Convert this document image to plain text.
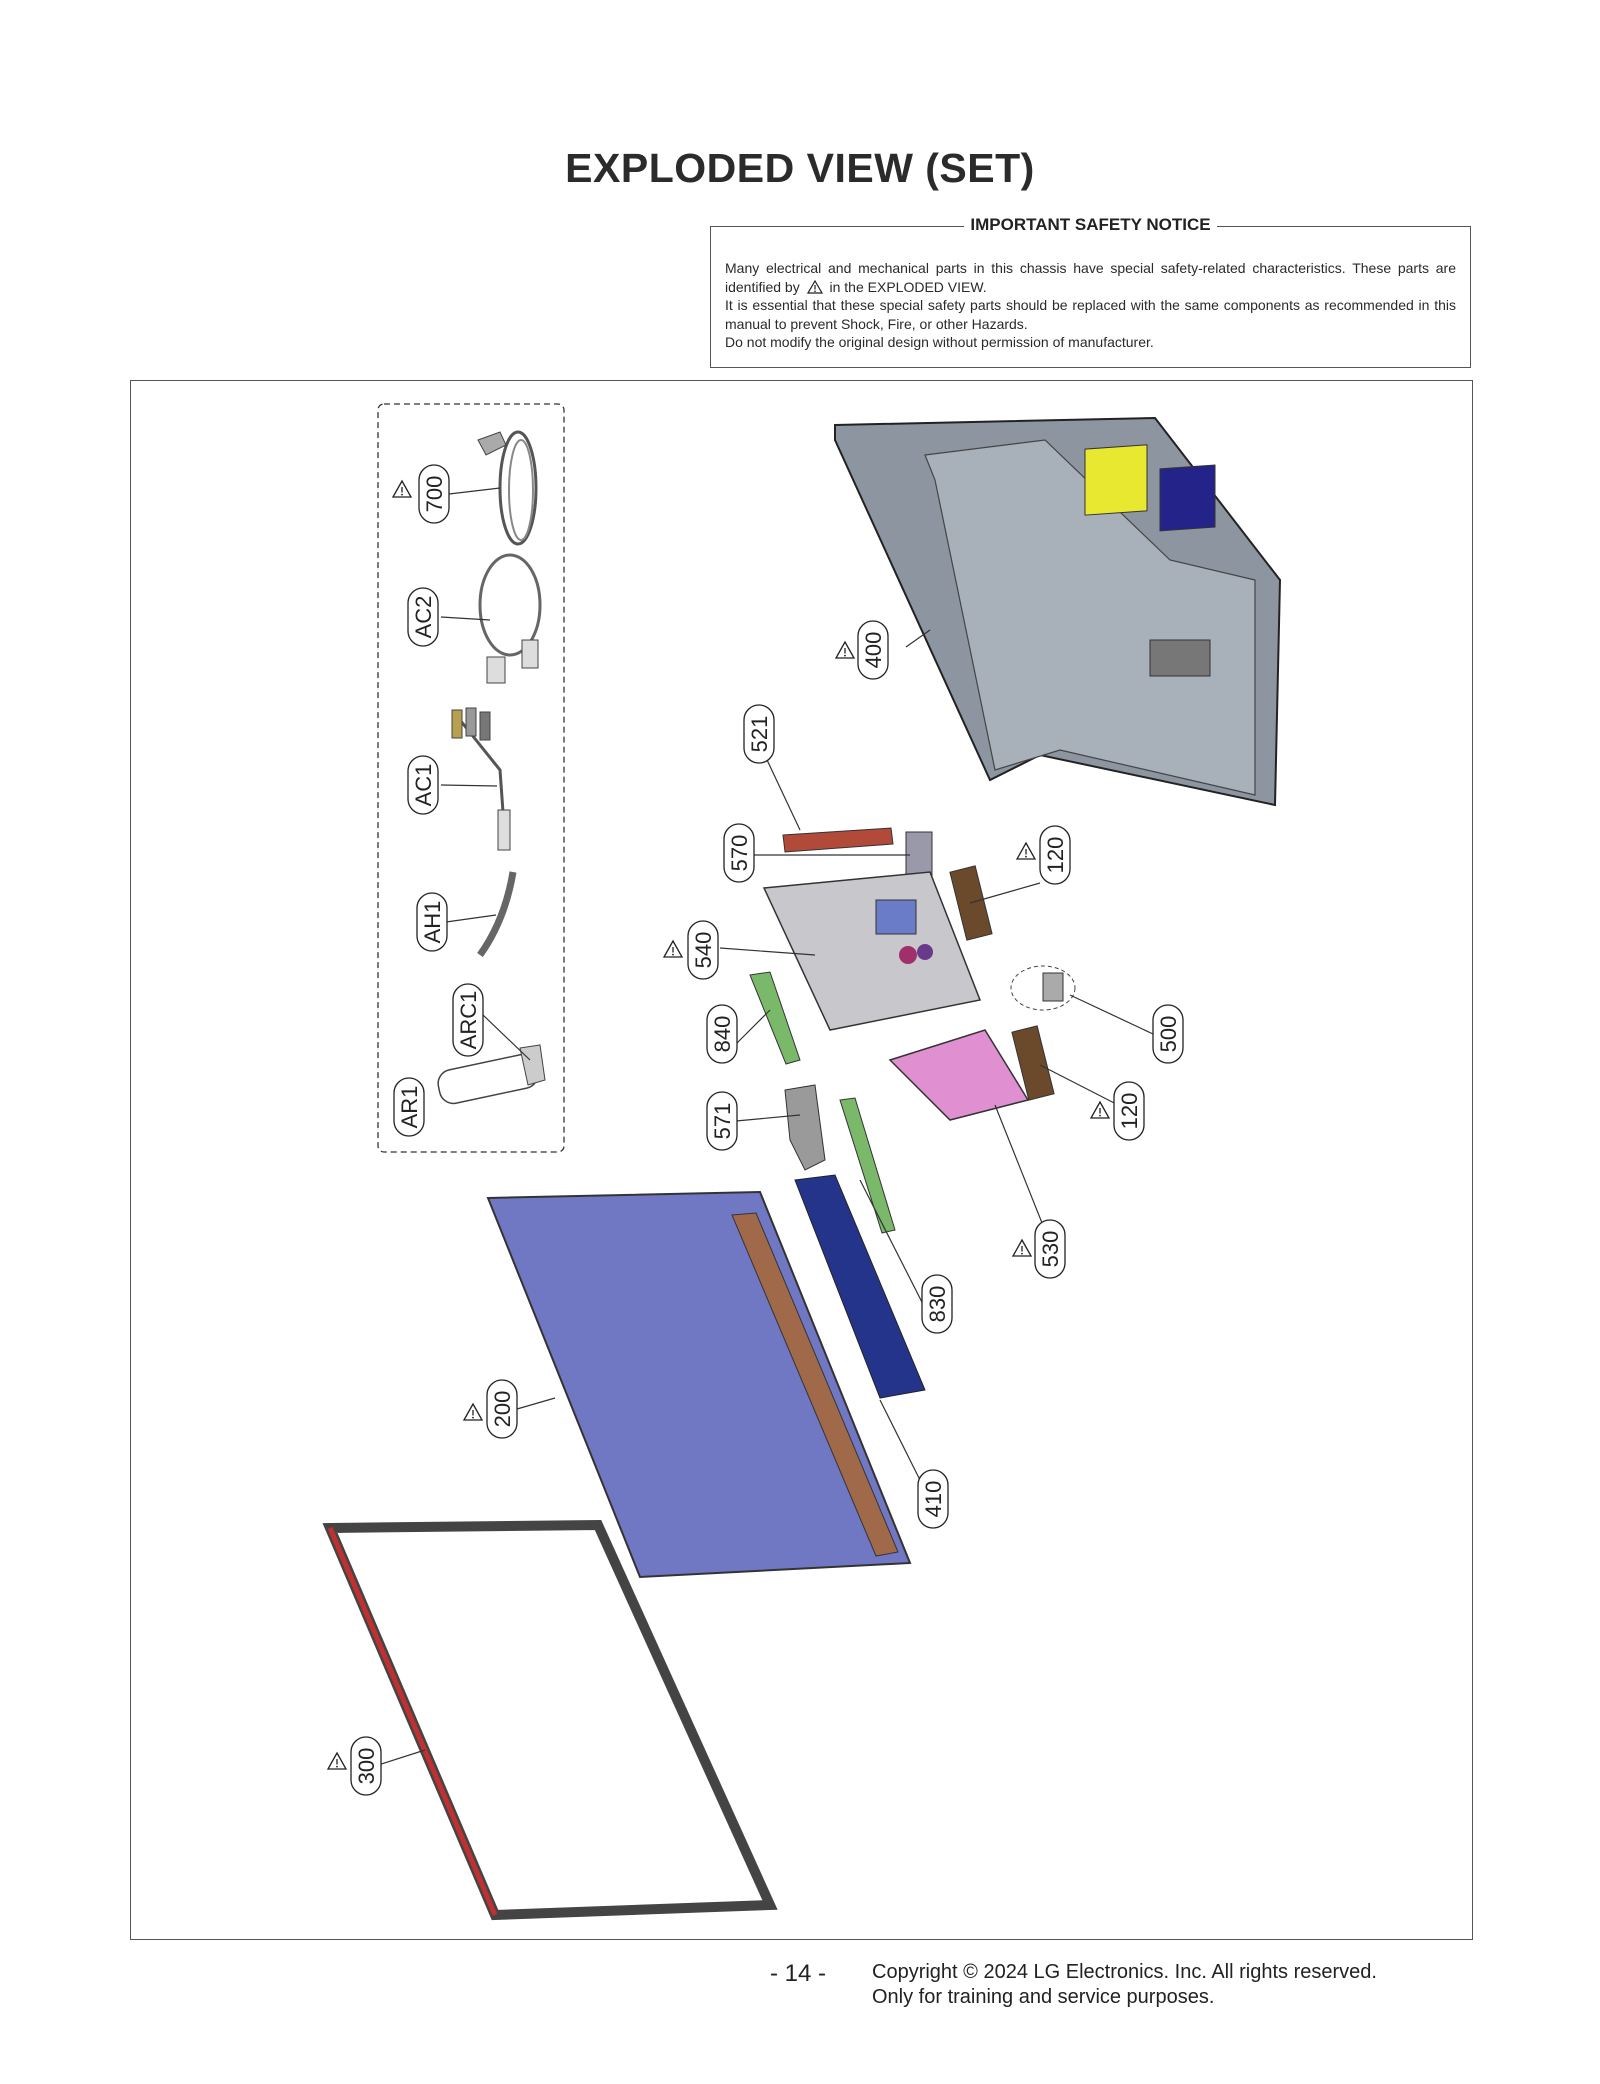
EXPLODED VIEW (SET)
IMPORTANT SAFETY NOTICE
Many electrical and mechanical parts in this chassis have special safety-related characteristics. These parts are identified by in the EXPLODED VIEW.
It is essential that these special safety parts should be replaced with the same components as recommended in this manual to prevent Shock, Fire, or other Hazards.
Do not modify the original design without permission of manufacturer.
700
AC2
AC1
AH1
ARC1
AR1
400
521
570	120
540
840	500
120
571
530
830
200
410
300
- 14 - Copyright © 2024 LG Electronics. Inc. All rights reserved.
Only for training and service purposes.
